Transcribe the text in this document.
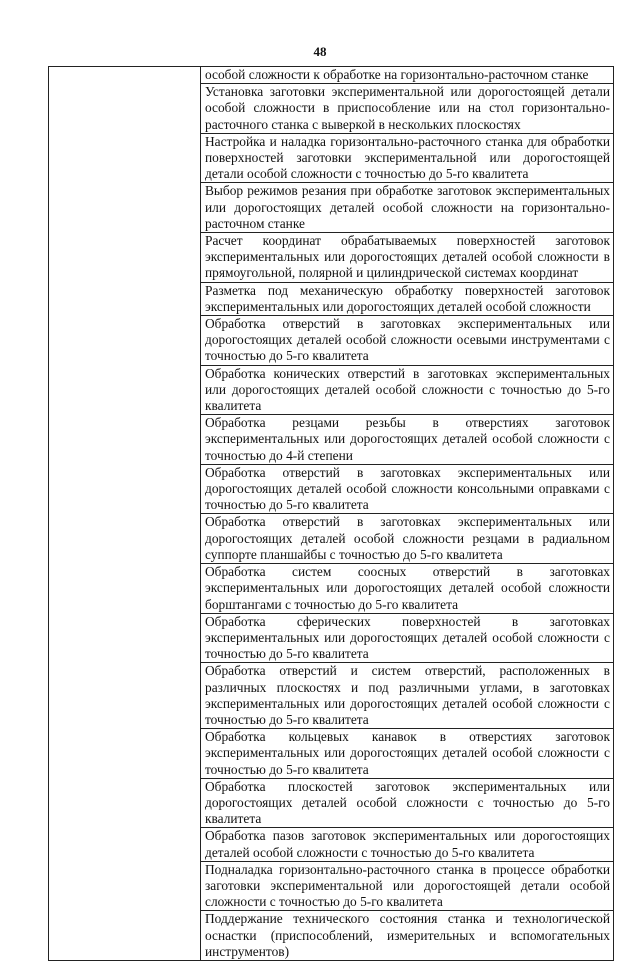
48

особой сложности к обработке на горизонтально-расточном станке

Установка заготовки экспериментальной или дорогостоящей детали особой сложности в приспособление или на стол горизонтально-расточного станка с выверкой в нескольких плоскостях

Настройка и наладка горизонтально-расточного станка для обработки поверхностей заготовки экспериментальной или дорогостоящей детали особой сложности с точностью до 5-го квалитета

Выбор режимов резания при обработке заготовок экспериментальных или дорогостоящих деталей особой сложности на горизонтально-расточном станке

Расчет координат обрабатываемых поверхностей заготовок экспериментальных или дорогостоящих деталей особой сложности в прямоугольной, полярной и цилиндрической системах координат

Разметка под механическую обработку поверхностей заготовок экспериментальных или дорогостоящих деталей особой сложности

Обработка отверстий в заготовках экспериментальных или дорогостоящих деталей особой сложности осевыми инструментами с точностью до 5-го квалитета

Обработка конических отверстий в заготовках экспериментальных или дорогостоящих деталей особой сложности с точностью до 5-го квалитета

Обработка резцами резьбы в отверстиях заготовок экспериментальных или дорогостоящих деталей особой сложности с точностью до 4-й степени

Обработка отверстий в заготовках экспериментальных или дорогостоящих деталей особой сложности консольными оправками с точностью до 5-го квалитета

Обработка отверстий в заготовках экспериментальных или дорогостоящих деталей особой сложности резцами в радиальном суппорте планшайбы с точностью до 5-го квалитета

Обработка систем соосных отверстий в заготовках экспериментальных или дорогостоящих деталей особой сложности борштангами с точностью до 5-го квалитета

Обработка сферических поверхностей в заготовках экспериментальных или дорогостоящих деталей особой сложности с точностью до 5-го квалитета

Обработка отверстий и систем отверстий, расположенных в различных плоскостях и под различными углами, в заготовках экспериментальных или дорогостоящих деталей особой сложности с точностью до 5-го квалитета

Обработка кольцевых канавок в отверстиях заготовок экспериментальных или дорогостоящих деталей особой сложности с точностью до 5-го квалитета

Обработка плоскостей заготовок экспериментальных или дорогостоящих деталей особой сложности с точностью до 5-го квалитета

Обработка пазов заготовок экспериментальных или дорогостоящих деталей особой сложности с точностью до 5-го квалитета

Подналадка горизонтально-расточного станка в процессе обработки заготовки экспериментальной или дорогостоящей детали особой сложности с точностью до 5-го квалитета

Поддержание технического состояния станка и технологической оснастки (приспособлений, измерительных и вспомогательных инструментов)
